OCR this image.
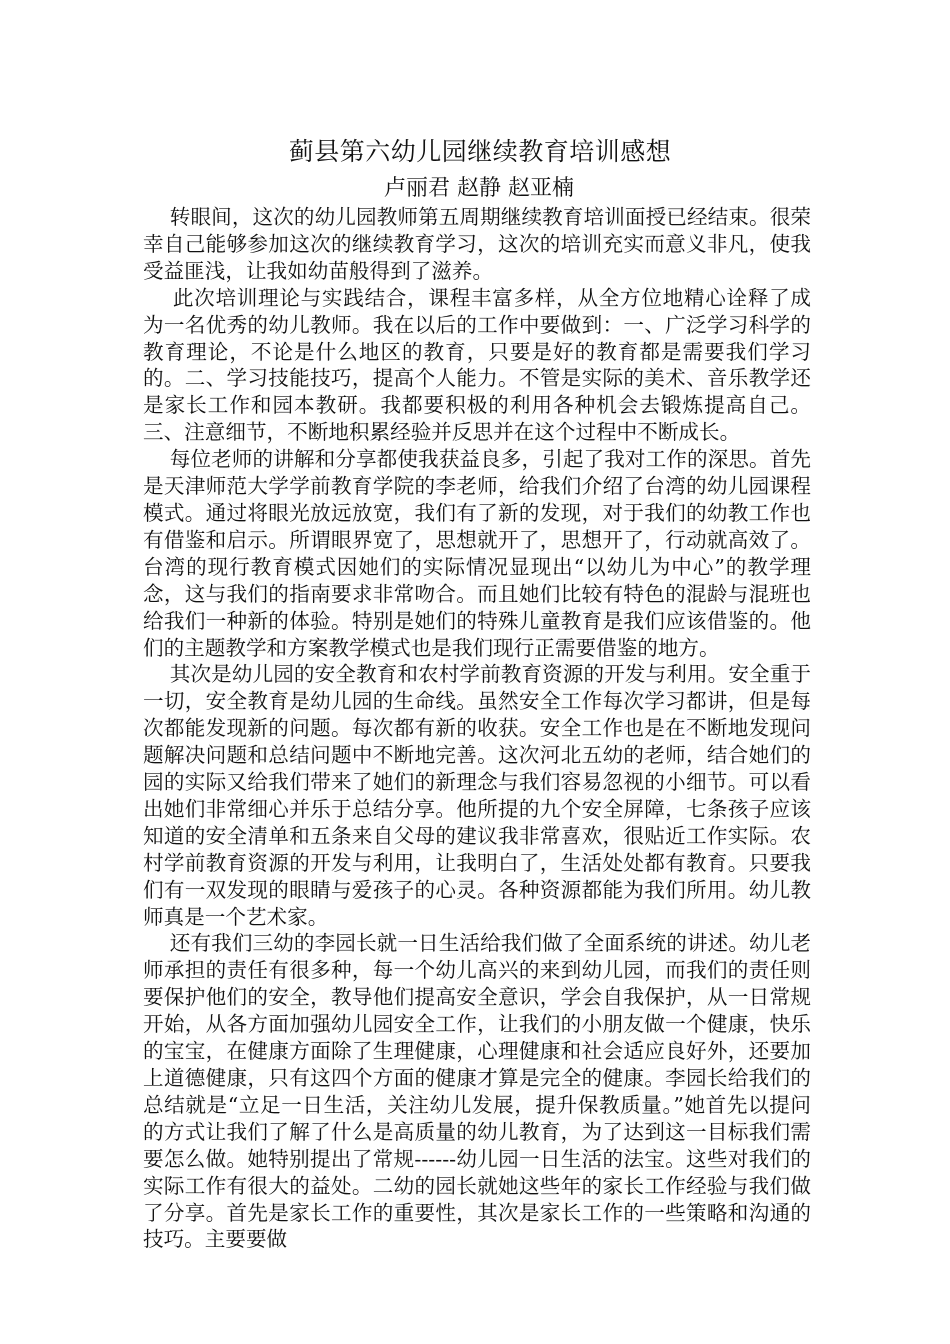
蓟县第六幼儿园继续教育培训感想
卢丽君 赵静 赵亚楠

转眼间，这次的幼儿园教师第五周期继续教育培训面授已经结束。很荣幸自己能够参加这次的继续教育学习，这次的培训充实而意义非凡，使我受益匪浅，让我如幼苗般得到了滋养。

此次培训理论与实践结合，课程丰富多样，从全方位地精心诠释了成为一名优秀的幼儿教师。我在以后的工作中要做到：一、广泛学习科学的教育理论，不论是什么地区的教育，只要是好的教育都是需要我们学习的。二、学习技能技巧，提高个人能力。不管是实际的美术、音乐教学还是家长工作和园本教研。我都要积极的利用各种机会去锻炼提高自己。三、注意细节，不断地积累经验并反思并在这个过程中不断成长。

每位老师的讲解和分享都使我获益良多，引起了我对工作的深思。首先是天津师范大学学前教育学院的李老师，给我们介绍了台湾的幼儿园课程模式。通过将眼光放远放宽，我们有了新的发现，对于我们的幼教工作也有借鉴和启示。所谓眼界宽了，思想就开了，思想开了，行动就高效了。台湾的现行教育模式因她们的实际情况显现出“以幼儿为中心”的教学理念，这与我们的指南要求非常吻合。而且她们比较有特色的混龄与混班也给我们一种新的体验。特别是她们的特殊儿童教育是我们应该借鉴的。他们的主题教学和方案教学模式也是我们现行正需要借鉴的地方。

其次是幼儿园的安全教育和农村学前教育资源的开发与利用。安全重于一切，安全教育是幼儿园的生命线。虽然安全工作每次学习都讲，但是每次都能发现新的问题。每次都有新的收获。安全工作也是在不断地发现问题解决问题和总结问题中不断地完善。这次河北五幼的老师，结合她们的园的实际又给我们带来了她们的新理念与我们容易忽视的小细节。可以看出她们非常细心并乐于总结分享。他所提的九个安全屏障，七条孩子应该知道的安全清单和五条来自父母的建议我非常喜欢，很贴近工作实际。农村学前教育资源的开发与利用，让我明白了，生活处处都有教育。只要我们有一双发现的眼睛与爱孩子的心灵。各种资源都能为我们所用。幼儿教师真是一个艺术家。

还有我们三幼的李园长就一日生活给我们做了全面系统的讲述。幼儿老师承担的责任有很多种，每一个幼儿高兴的来到幼儿园，而我们的责任则要保护他们的安全，教导他们提高安全意识，学会自我保护，从一日常规开始，从各方面加强幼儿园安全工作，让我们的小朋友做一个健康，快乐的宝宝，在健康方面除了生理健康，心理健康和社会适应良好外，还要加上道德健康，只有这四个方面的健康才算是完全的健康。李园长给我们的总结就是“立足一日生活，关注幼儿发展，提升保教质量。”她首先以提问的方式让我们了解了什么是高质量的幼儿教育，为了达到这一目标我们需要怎么做。她特别提出了常规------幼儿园一日生活的法宝。这些对我们的实际工作有很大的益处。二幼的园长就她这些年的家长工作经验与我们做了分享。首先是家长工作的重要性，其次是家长工作的一些策略和沟通的技巧。主要要做
